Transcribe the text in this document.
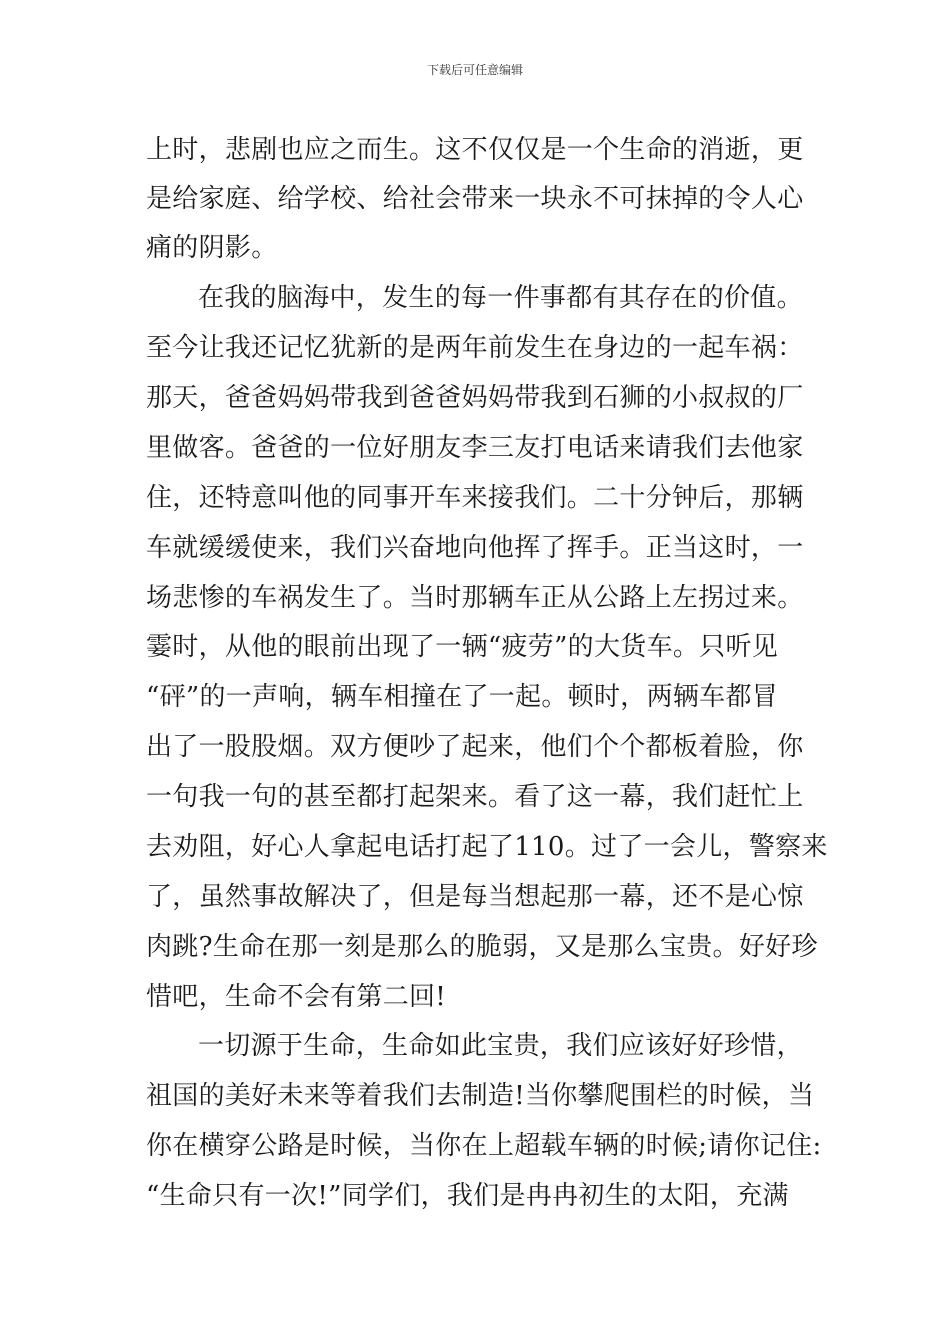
下载后可任意编辑
上时，悲剧也应之而生。这不仅仅是一个生命的消逝，更
是给家庭、给学校、给社会带来一块永不可抹掉的令人心
痛的阴影。
在我的脑海中，发生的每一件事都有其存在的价值。
至今让我还记忆犹新的是两年前发生在身边的一起车祸：
那天，爸爸妈妈带我到爸爸妈妈带我到石狮的小叔叔的厂
里做客。爸爸的一位好朋友李三友打电话来请我们去他家
住，还特意叫他的同事开车来接我们。二十分钟后，那辆
车就缓缓使来，我们兴奋地向他挥了挥手。正当这时，一
场悲惨的车祸发生了。当时那辆车正从公路上左拐过来。
霎时，从他的眼前出现了一辆“疲劳”的大货车。只听见
“砰”的一声响，辆车相撞在了一起。顿时，两辆车都冒
出了一股股烟。双方便吵了起来，他们个个都板着脸，你
一句我一句的甚至都打起架来。看了这一幕，我们赶忙上
去劝阻，好心人拿起电话打起了110。过了一会儿，警察来
了，虽然事故解决了，但是每当想起那一幕，还不是心惊
肉跳?生命在那一刻是那么的脆弱，又是那么宝贵。好好珍
惜吧，生命不会有第二回!
一切源于生命，生命如此宝贵，我们应该好好珍惜，
祖国的美好未来等着我们去制造!当你攀爬围栏的时候，当
你在横穿公路是时候，当你在上超载车辆的时候;请你记住:
“生命只有一次!”同学们，我们是冉冉初生的太阳，充满
